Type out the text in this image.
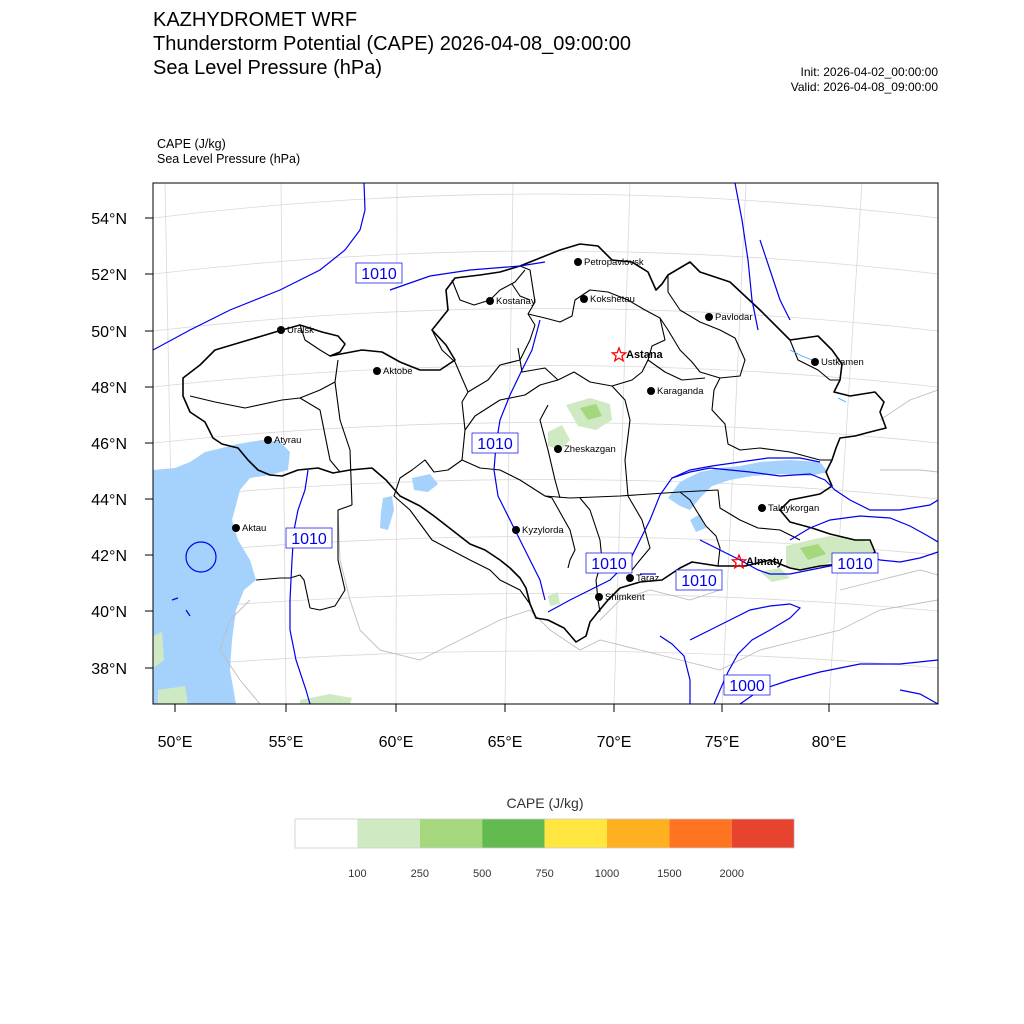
KAZHYDROMET WRF
Thunderstorm Potential (CAPE) 2026-04-08_09:00:00
Sea Level Pressure (hPa)	Init: 2026-04-02_00:00:00
Valid: 2026-04-08_09:00:00
CAPE (J/kg)
Sea Level Pressure (hPa)
54°N
52°N
50°N
48°N
46°N
44°N
42°N
40°N
38°N
50°E	55°E	60°E	65°E	70°E	75°E	80°E
1010
1010
1010
1010
1010
1010
1000
Petropavlovsk
Kostanay	Kokshetau
Pavlodar
Uralsk
Astana
Aktobe
Ustkamen
Karaganda
Atyrau
Zheskazgan
Aktau
Taldykorgan
Kyzylorda
Almaty
Taraz
Shimkent
CAPE (J/kg)
100	250	500	750	1000	1500	2000
